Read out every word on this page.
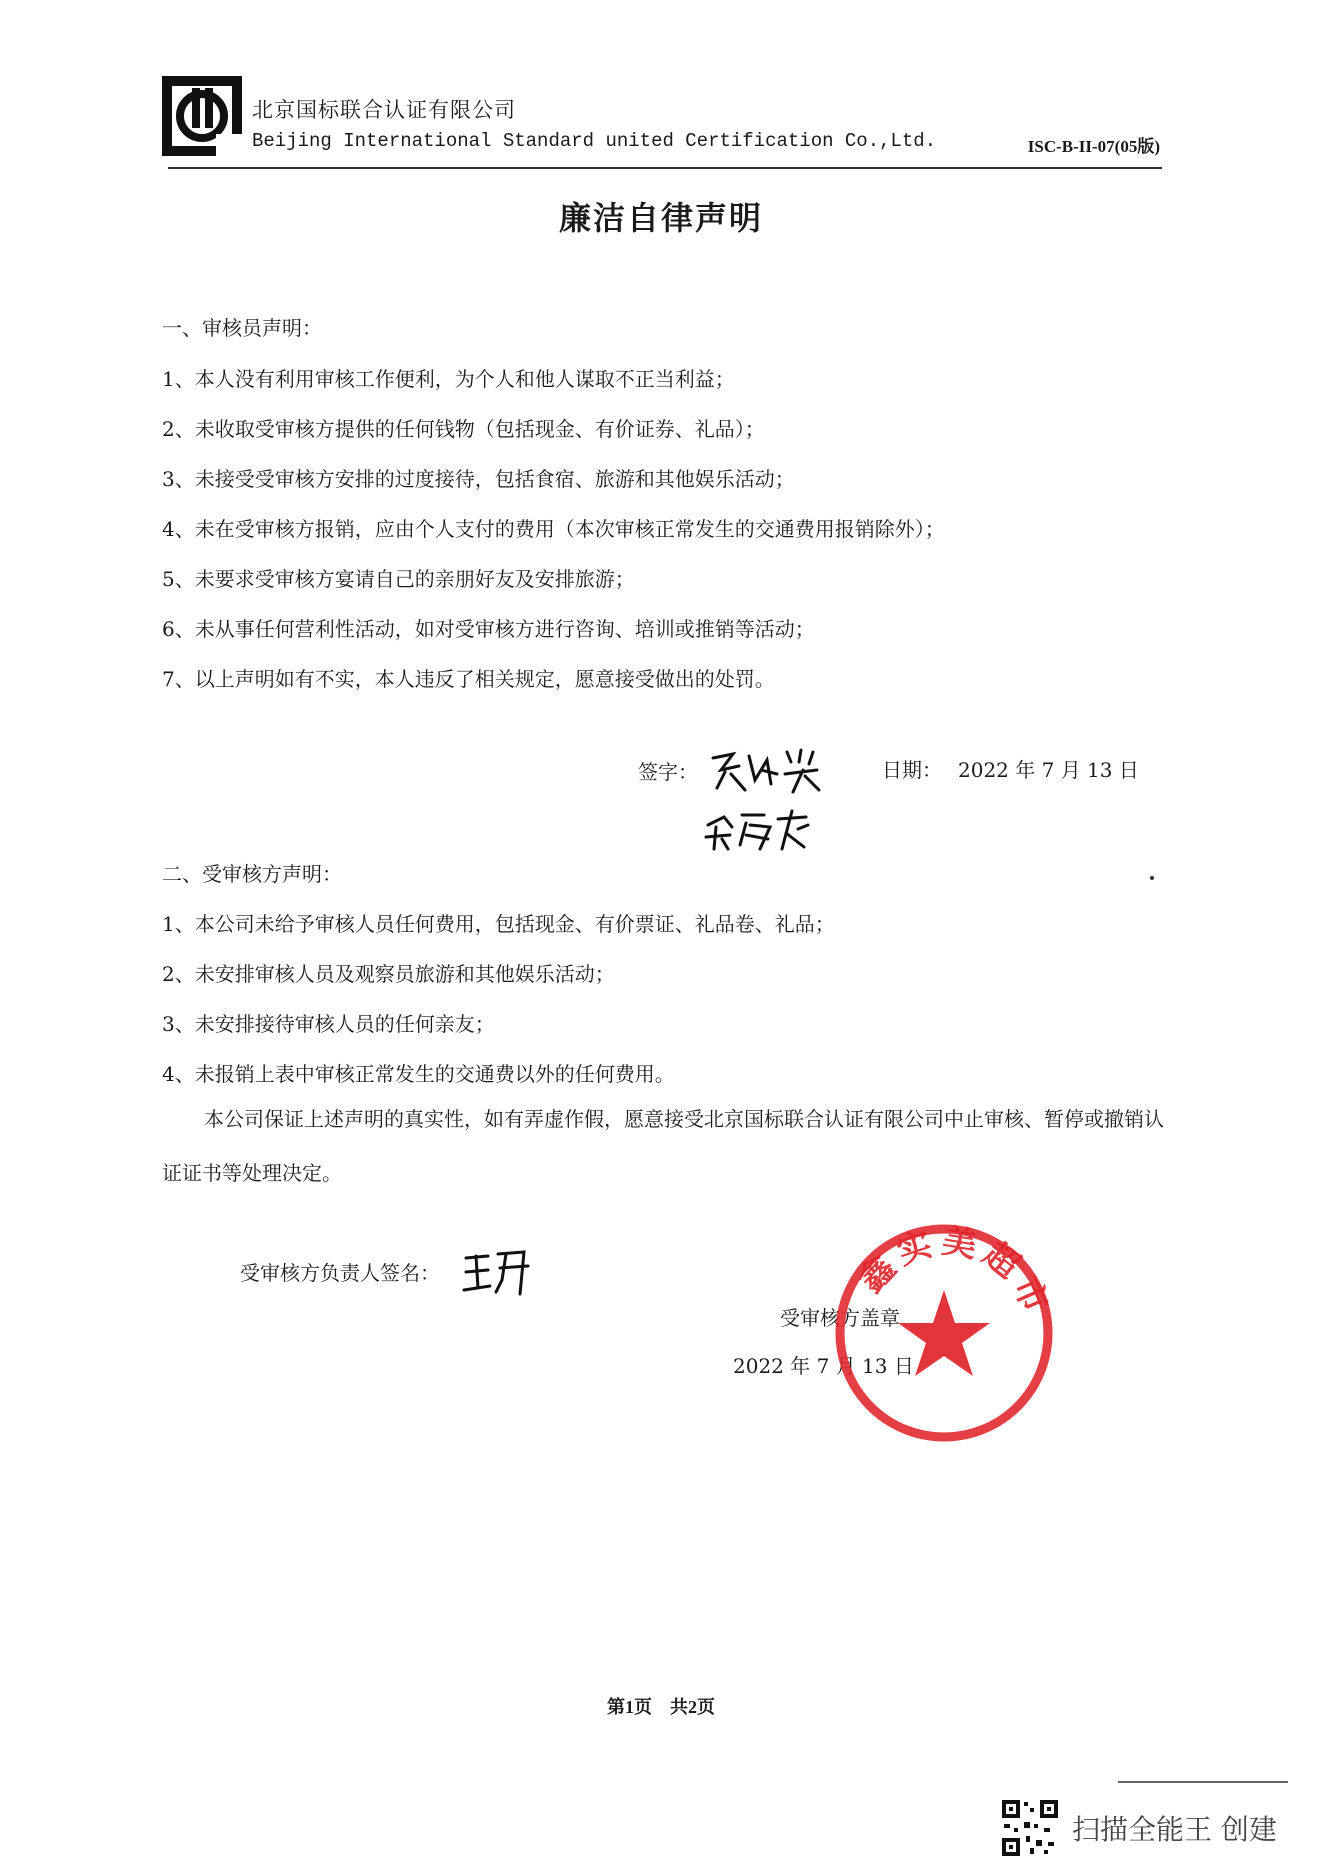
北京国标联合认证有限公司
Beijing International Standard united Certification Co.,Ltd.	ISC-B-II-07(05版)
廉洁自律声明
一、审核员声明：
1、本人没有利用审核工作便利，为个人和他人谋取不正当利益；
2、未收取受审核方提供的任何钱物（包括现金、有价证券、礼品）；
3、未接受受审核方安排的过度接待，包括食宿、旅游和其他娱乐活动；
4、未在受审核方报销，应由个人支付的费用（本次审核正常发生的交通费用报销除外）；
5、未要求受审核方宴请自己的亲朋好友及安排旅游；
6、未从事任何营利性活动，如对受审核方进行咨询、培训或推销等活动；
7、以上声明如有不实，本人违反了相关规定，愿意接受做出的处罚。
签字：	日期： 2022 年 7 月 13 日
二、受审核方声明：
1、本公司未给予审核人员任何费用，包括现金、有价票证、礼品卷、礼品；
2、未安排审核人员及观察员旅游和其他娱乐活动；
3、未安排接待审核人员的任何亲友；
4、未报销上表中审核正常发生的交通费以外的任何费用。
本公司保证上述声明的真实性，如有弄虚作假，愿意接受北京国标联合认证有限公司中止审核、暂停或撤销认证证书等处理决定。
受审核方负责人签名：
受审核方盖章
2022 年 7 月 13 日
鑫实美超市
第1页　共2页
扫描全能王 创建
